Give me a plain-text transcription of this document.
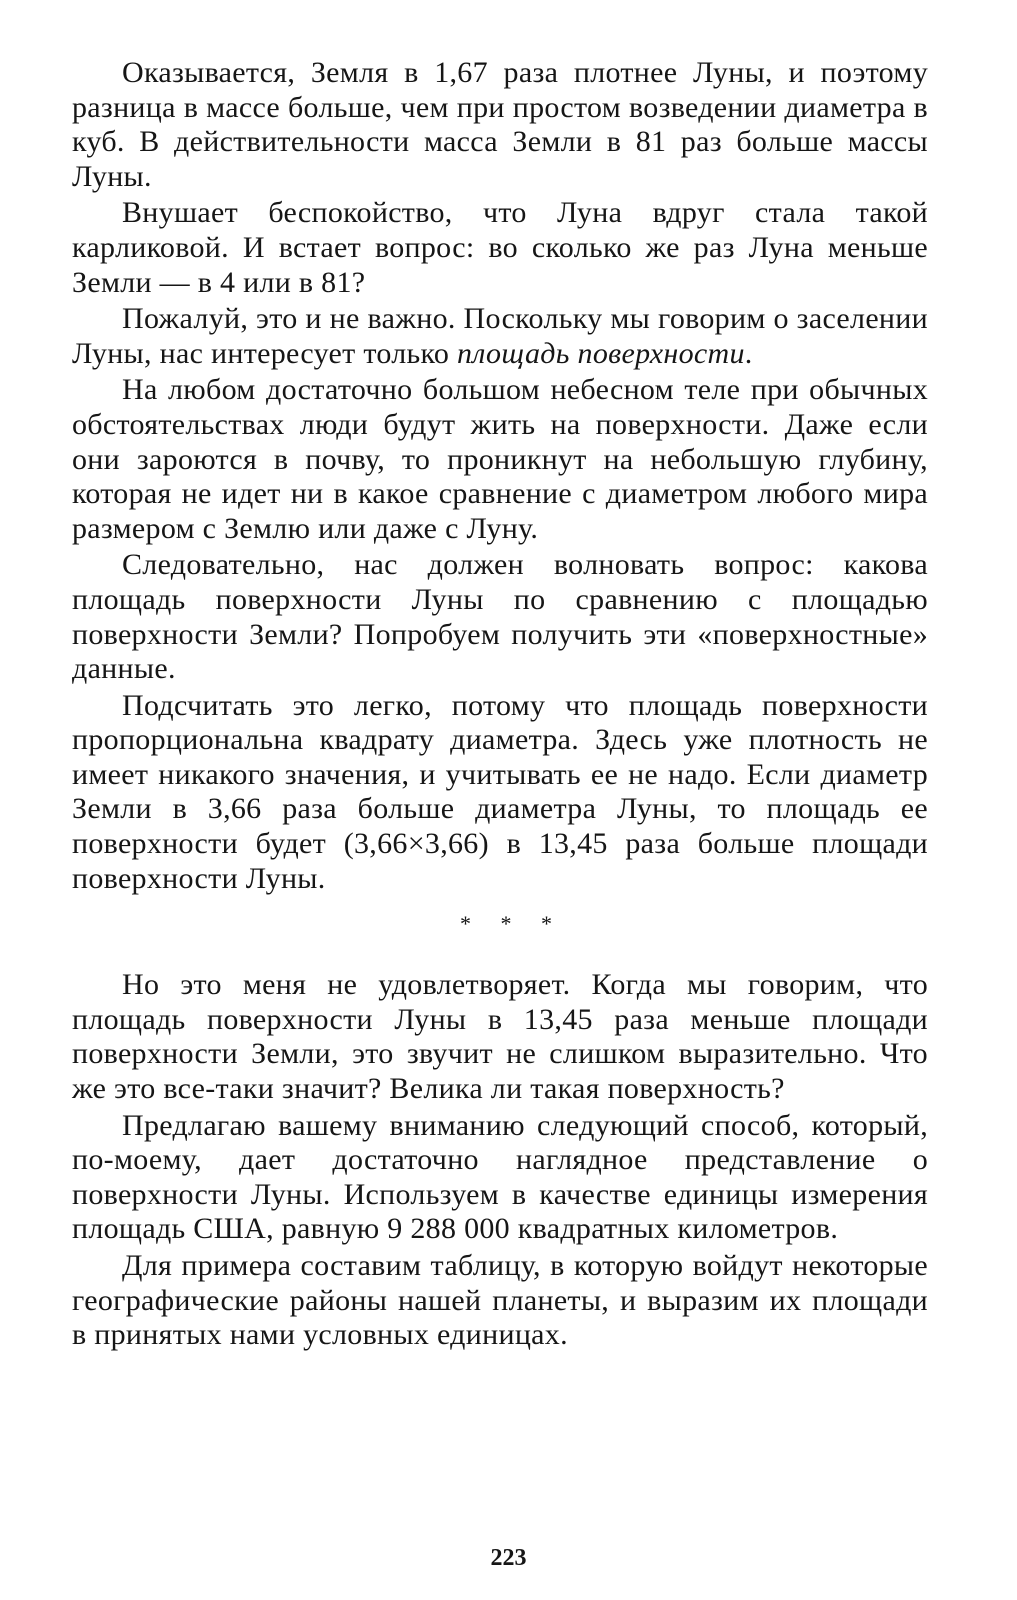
Оказывается, Земля в 1,67 раза плотнее Луны, и поэтому разница в массе больше, чем при простом возведении диаметра в куб. В действительности масса Земли в 81 раз больше массы Луны.

Внушает беспокойство, что Луна вдруг стала такой карликовой. И встает вопрос: во сколько же раз Луна меньше Земли — в 4 или в 81?

Пожалуй, это и не важно. Поскольку мы говорим о заселении Луны, нас интересует только площадь поверхности.

На любом достаточно большом небесном теле при обычных обстоятельствах люди будут жить на поверхности. Даже если они зароются в почву, то проникнут на небольшую глубину, которая не идет ни в какое сравнение с диаметром любого мира размером с Землю или даже с Луну.

Следовательно, нас должен волновать вопрос: какова площадь поверхности Луны по сравнению с площадью поверхности Земли? Попробуем получить эти «поверхностные» данные.

Подсчитать это легко, потому что площадь поверхности пропорциональна квадрату диаметра. Здесь уже плотность не имеет никакого значения, и учитывать ее не надо. Если диаметр Земли в 3,66 раза больше диаметра Луны, то площадь ее поверхности будет (3,66×3,66) в 13,45 раза больше площади поверхности Луны.

* * *

Но это меня не удовлетворяет. Когда мы говорим, что площадь поверхности Луны в 13,45 раза меньше площади поверхности Земли, это звучит не слишком выразительно. Что же это все-таки значит? Велика ли такая поверхность?

Предлагаю вашему вниманию следующий способ, который, по-моему, дает достаточно наглядное представление о поверхности Луны. Используем в качестве единицы измерения площадь США, равную 9 288 000 квадратных километров.

Для примера составим таблицу, в которую войдут некоторые географические районы нашей планеты, и выразим их площади в принятых нами условных единицах.

223
